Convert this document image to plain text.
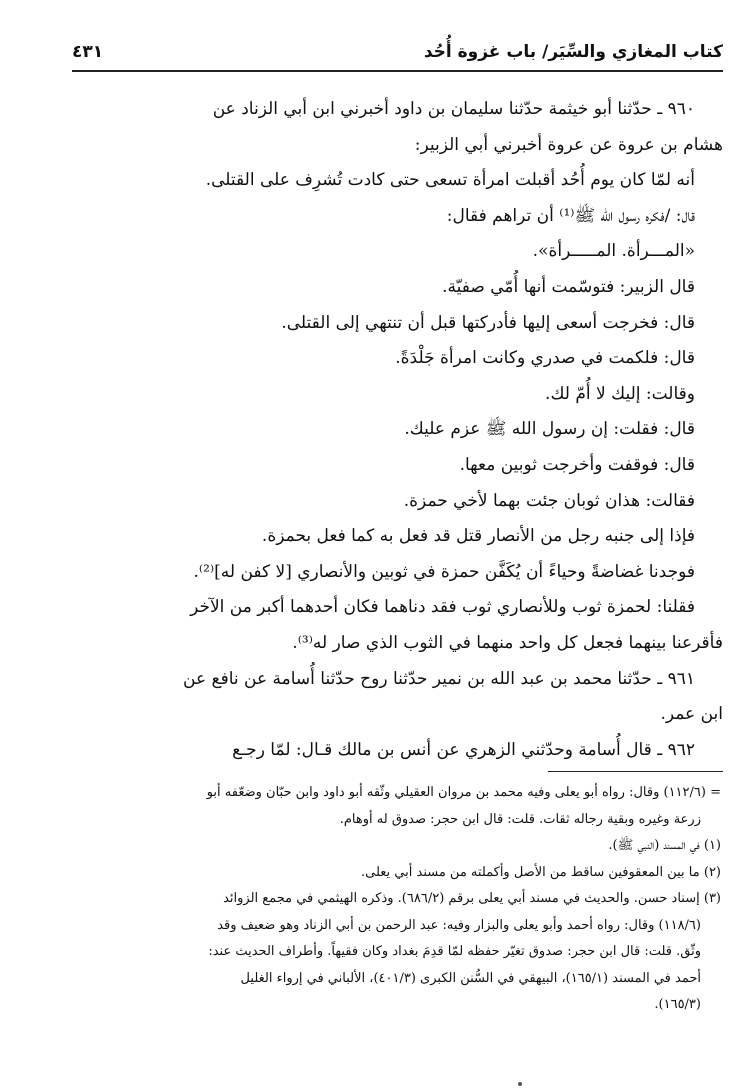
كتاب المغازي والسِّيَر/ باب غزوة أُحُد
٤٣١
٩٦٠ ـ حدّثنا أبو خيثمة حدّثنا سليمان بن داود أخبرني ابن أبي الزناد عن
هشام بن عروة عن عروة أخبرني أبي الزبير:
أنه لمّا كان يوم أُحُد أقبلت امرأة تسعى حتى كادت تُشرِف على القتلى.
قال: /فكره رسول الله ﷺ⁽¹⁾ أن تراهم فقال:
«المـــرأة. المـــــرأة».
قال الزبير: فتوسّمت أنها أُمّي صفيّة.
قال: فخرجت أسعى إليها فأدركتها قبل أن تنتهي إلى القتلى.
قال: فلكمت في صدري وكانت امرأة جَلْدَةً.
وقالت: إليك لا أُمّ لك.
قال: فقلت: إن رسول الله ﷺ عزم عليك.
قال: فوقفت وأخرجت ثوبين معها.
فقالت: هذان ثوبان جئت بهما لأخي حمزة.
فإذا إلى جنبه رجل من الأنصار قتل قد فعل به كما فعل بحمزة.
فوجدنا غضاضةً وحياءً أن يُكَفَّن حمزة في ثوبين والأنصاري [لا كفن له]⁽²⁾.
فقلنا: لحمزة ثوب وللأنصاري ثوب فقد دناهما فكان أحدهما أكبر من الآخر
فأقرعنا بينهما فجعل كل واحد منهما في الثوب الذي صار له⁽³⁾.
٩٦١ ـ حدّثنا محمد بن عبد الله بن نمير حدّثنا روح حدّثنا أُسامة عن نافع عن
ابن عمر.
٩٦٢ ـ قال أُسامة وحدّثني الزهري عن أنس بن مالك قـال: لمّا رجـع
= (١١٢/٦) وقال: رواه أبو يعلى وفيه محمد بن مروان العقيلي وثّقه أبو داود وابن حبّان وضعّفه أبو
زرعة وغيره وبقية رجاله ثقات. قلت: قال ابن حجر: صدوق له أوهام.
(١) في المسند (النبي ﷺ).
(٢) ما بين المعقوفين ساقط من الأصل وأكملته من مسند أبي يعلى.
(٣) إسناد حسن. والحديث في مسند أبي يعلى برقم (٦٨٦/٢). وذكره الهيثمي في مجمع الزوائد
(١١٨/٦) وقال: رواه أحمد وأبو يعلى والبزار وفيه: عبد الرحمن بن أبي الزناد وهو ضعيف وقد
وثّق. قلت: قال ابن حجر: صدوق تغيّر حفظه لمّا قدِمَ بغداد وكان فقيهاً. وأطراف الحديث عند:
أحمد في المسند (١٦٥/١)، البيهقي في السُّنن الكبرى (٤٠١/٣)، الألباني في إرواء الغليل
(١٦٥/٣).
